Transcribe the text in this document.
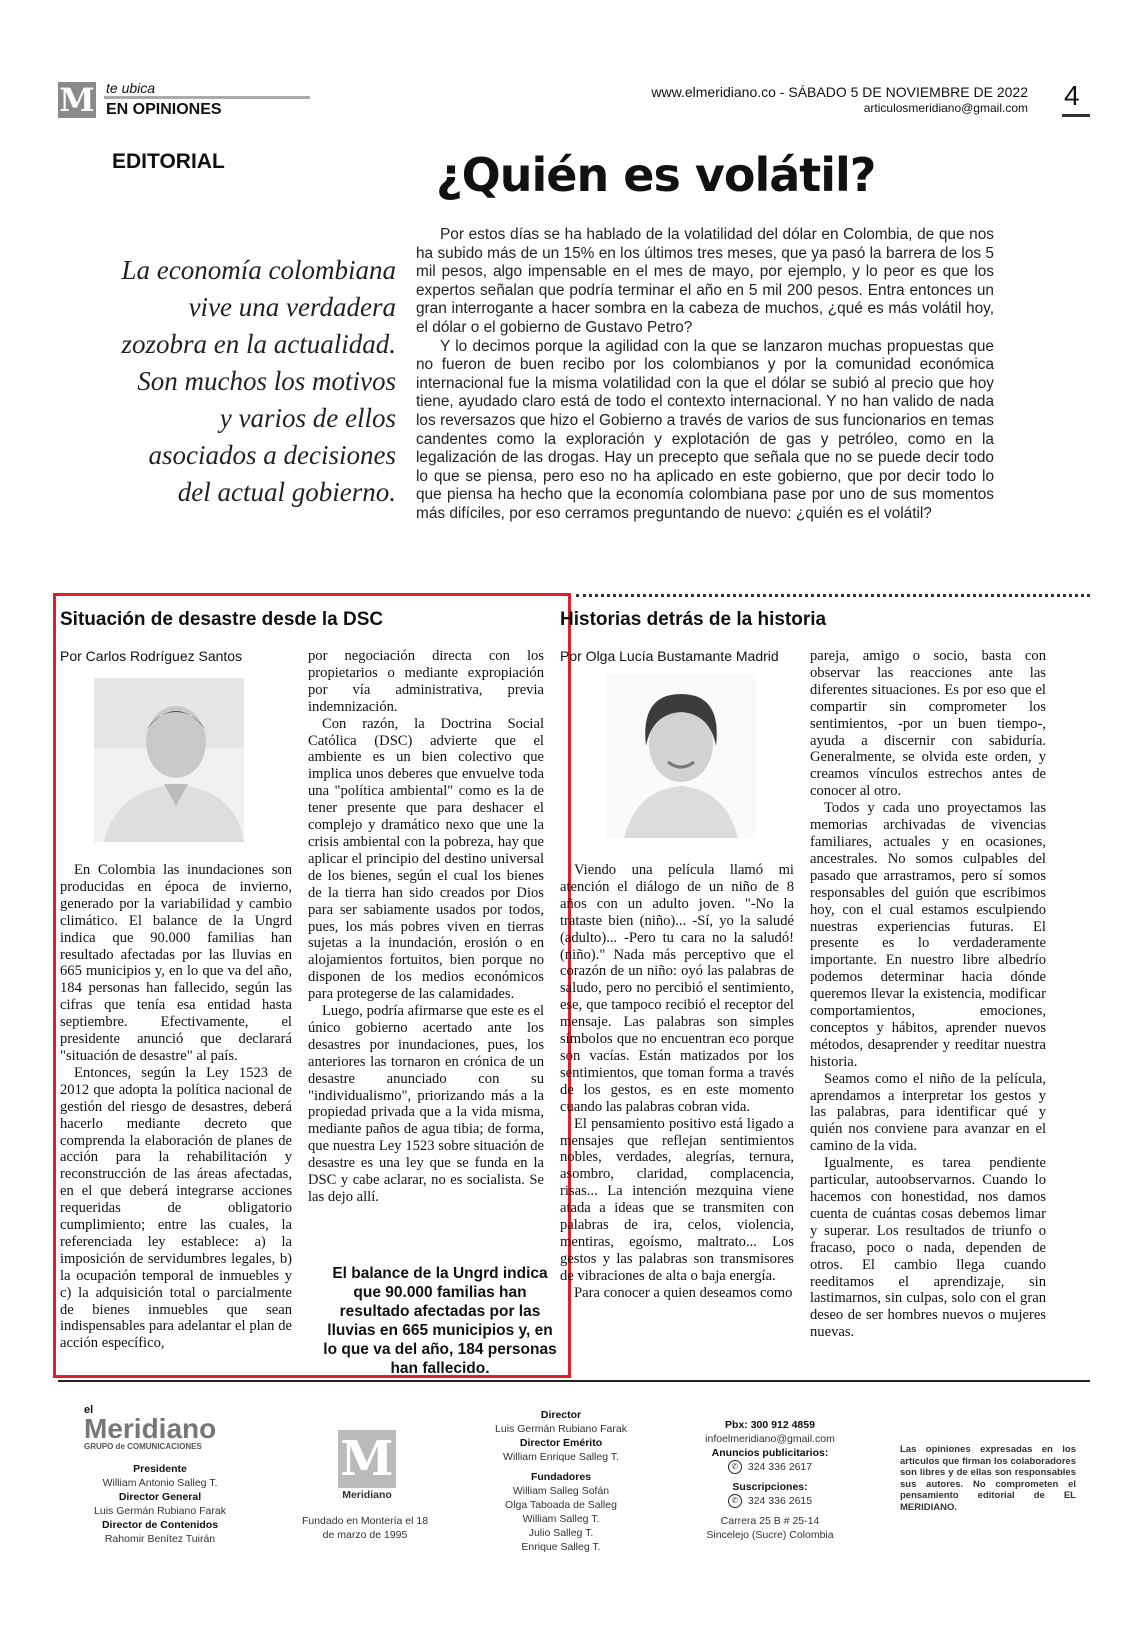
M te ubica
EN OPINIONES
www.elmeridiano.co - SÁBADO 5 DE NOVIEMBRE DE 2022
articulosmeridiano@gmail.com 4
EDITORIAL	¿Quién es volátil?
La economía colombiana vive una verdadera zozobra en la actualidad. Son muchos los motivos y varios de ellos asociados a decisiones del actual gobierno.

Por estos días se ha hablado de la volatilidad del dólar en Colombia, de que nos ha subido más de un 15% en los últimos tres meses, que ya pasó la barrera de los 5 mil pesos, algo impensable en el mes de mayo, por ejemplo, y lo peor es que los expertos señalan que podría terminar el año en 5 mil 200 pesos. Entra entonces un gran interrogante a hacer sombra en la cabeza de muchos, ¿qué es más volátil hoy, el dólar o el gobierno de Gustavo Petro?

Y lo decimos porque la agilidad con la que se lanzaron muchas propuestas que no fueron de buen recibo por los colombianos y por la comunidad económica internacional fue la misma volatilidad con la que el dólar se subió al precio que hoy tiene, ayudado claro está de todo el contexto internacional. Y no han valido de nada los reversazos que hizo el Gobierno a través de varios de sus funcionarios en temas candentes como la exploración y explotación de gas y petróleo, como en la legalización de las drogas. Hay un precepto que señala que no se puede decir todo lo que se piensa, pero eso no ha aplicado en este gobierno, que por decir todo lo que piensa ha hecho que la economía colombiana pase por uno de sus momentos más difíciles, por eso cerramos preguntando de nuevo: ¿quién es el volátil?

Situación de desastre desde la DSC
Por Carlos Rodríguez Santos

En Colombia las inundaciones son producidas en época de invierno, generado por la variabilidad y cambio climático. El balance de la Ungrd indica que 90.000 familias han resultado afectadas por las lluvias en 665 municipios y, en lo que va del año, 184 personas han fallecido, según las cifras que tenía esa entidad hasta septiembre. Efectivamente, el presidente anunció que declarará "situación de desastre" al país.

Entonces, según la Ley 1523 de 2012 que adopta la política nacional de gestión del riesgo de desastres, deberá hacerlo mediante decreto que comprenda la elaboración de planes de acción para la rehabilitación y reconstrucción de las áreas afectadas, en el que deberá integrarse acciones requeridas de obligatorio cumplimiento; entre las cuales, la referenciada ley establece: a) la imposición de servidumbres legales, b) la ocupación temporal de inmuebles y c) la adquisición total o parcialmente de bienes inmuebles que sean indispensables para adelantar el plan de acción específico,

por negociación directa con los propietarios o mediante expropiación por vía administrativa, previa indemnización.

Con razón, la Doctrina Social Católica (DSC) advierte que el ambiente es un bien colectivo que implica unos deberes que envuelve toda una "política ambiental" como es la de tener presente que para deshacer el complejo y dramático nexo que une la crisis ambiental con la pobreza, hay que aplicar el principio del destino universal de los bienes, según el cual los bienes de la tierra han sido creados por Dios para ser sabiamente usados por todos, pues, los más pobres viven en tierras sujetas a la inundación, erosión o en alojamientos fortuitos, bien porque no disponen de los medios económicos para protegerse de las calamidades.

Luego, podría afirmarse que este es el único gobierno acertado ante los desastres por inundaciones, pues, los anteriores las tornaron en crónica de un desastre anunciado con su "individualismo", priorizando más a la propiedad privada que a la vida misma, mediante paños de agua tibia; de forma, que nuestra Ley 1523 sobre situación de desastre es una ley que se funda en la DSC y cabe aclarar, no es socialista. Se las dejo allí.

El balance de la Ungrd indica que 90.000 familias han resultado afectadas por las lluvias en 665 municipios y, en lo que va del año, 184 personas han fallecido.
Historias detrás de la historia
Por Olga Lucía Bustamante Madrid

Viendo una película llamó mi atención el diálogo de un niño de 8 años con un adulto joven. "-No la trataste bien (niño)... -Sí, yo la saludé (adulto)... -Pero tu cara no la saludó! (niño)." Nada más perceptivo que el corazón de un niño: oyó las palabras de saludo, pero no percibió el sentimiento, ese, que tampoco recibió el receptor del mensaje. Las palabras son simples símbolos que no encuentran eco porque son vacías. Están matizados por los sentimientos, que toman forma a través de los gestos, es en este momento cuando las palabras cobran vida.

El pensamiento positivo está ligado a mensajes que reflejan sentimientos nobles, verdades, alegrías, ternura, asombro, claridad, complacencia, risas... La intención mezquina viene atada a ideas que se transmiten con palabras de ira, celos, violencia, mentiras, egoísmo, maltrato... Los gestos y las palabras son transmisores de vibraciones de alta o baja energía.

Para conocer a quien deseamos como

pareja, amigo o socio, basta con observar las reacciones ante las diferentes situaciones. Es por eso que el compartir sin comprometer los sentimientos, -por un buen tiempo-, ayuda a discernir con sabiduría. Generalmente, se olvida este orden, y creamos vínculos estrechos antes de conocer al otro.

Todos y cada uno proyectamos las memorias archivadas de vivencias familiares, actuales y en ocasiones, ancestrales. No somos culpables del pasado que arrastramos, pero sí somos responsables del guión que escribimos hoy, con el cual estamos esculpiendo nuestras experiencias futuras. El presente es lo verdaderamente importante. En nuestro libre albedrío podemos determinar hacia dónde queremos llevar la existencia, modificar comportamientos, emociones, conceptos y hábitos, aprender nuevos métodos, desaprender y reeditar nuestra historia.

Seamos como el niño de la película, aprendamos a interpretar los gestos y las palabras, para identificar qué y quién nos conviene para avanzar en el camino de la vida.

Igualmente, es tarea pendiente particular, autoobservarnos. Cuando lo hacemos con honestidad, nos damos cuenta de cuántas cosas debemos limar y superar. Los resultados de triunfo o fracaso, poco o nada, dependen de otros. El cambio llega cuando reeditamos el aprendizaje, sin lastimarnos, sin culpas, solo con el gran deseo de ser hombres nuevos o mujeres nuevas.

el
Meridiano
GRUPO de COMUNICACIONES
Presidente
William Antonio Salleg T.
Director General
Luis Germán Rubiano Farak
Director de Contenidos
Rahomir Benítez Tuirán
M
Meridiano
Fundado en Montería el 18 de marzo de 1995
Director
Luis Germán Rubiano Farak
Director Emérito
William Enrique Salleg T.

Fundadores
William Salleg Sofán
Olga Taboada de Salleg
William Salleg T.
Julio Salleg T.
Enrique Salleg T.
Pbx: 300 912 4859
infoelmeridiano@gmail.com
Anuncios publicitarios:
✆ 324 336 2617

Suscripciones:
✆ 324 336 2615

Carrera 25 B # 25-14
Sincelejo (Sucre) Colombia
Las opiniones expresadas en los artículos que firman los colaboradores son libres y de ellas son responsables sus autores. No comprometen el pensamiento editorial de EL MERIDIANO.
